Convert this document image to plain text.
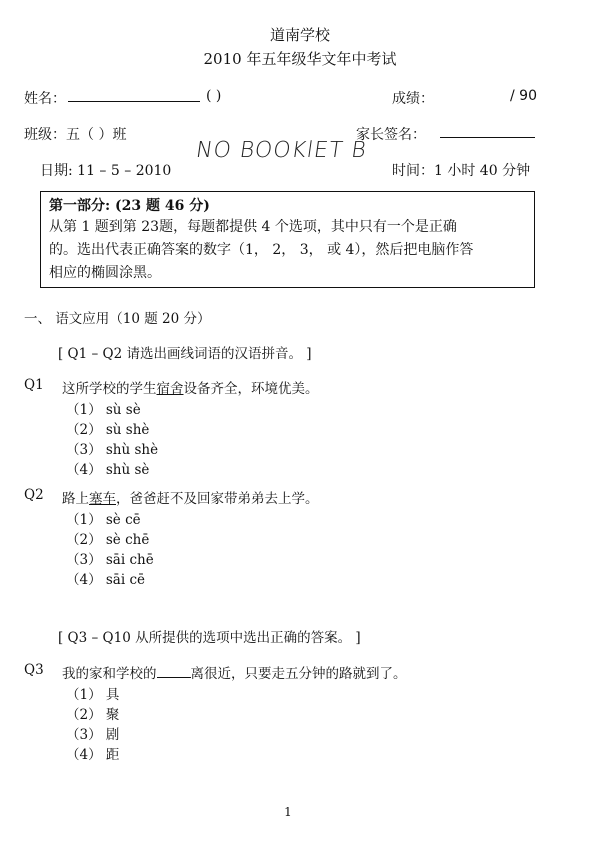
道南学校
2010 年五年级华文年中考试
姓名：	( )	成绩：	/ 90
班级：五（ ）班	家长签名：
NO BOOKlET B
日期: 11 – 5 – 2010	时间：1 小时 40 分钟

第一部分: (23 题 46 分)

从第 1 题到第 23题，每题都提供 4 个选项，其中只有一个是正确

的。选出代表正确答案的数字（1， 2， 3， 或 4），然后把电脑作答

相应的椭圆涂黑。

一、 语文应用（10 题 20 分）
[ Q1 – Q2 请选出画线词语的汉语拼音。 ]
Q1 这所学校的学生宿舍设备齐全，环境优美。
（1） sù sè
（2） sù shè
（3） shù shè
（4） shù sè
Q2 路上塞车，爸爸赶不及回家带弟弟去上学。
（1） sè cē
（2） sè chē
（3） sāi chē
（4） sāi cē
[ Q3 – Q10 从所提供的选项中选出正确的答案。 ]
Q3 我的家和学校的	离很近，只要走五分钟的路就到了。
（1） 具
（2） 聚
（3） 剧
（4） 距
1
